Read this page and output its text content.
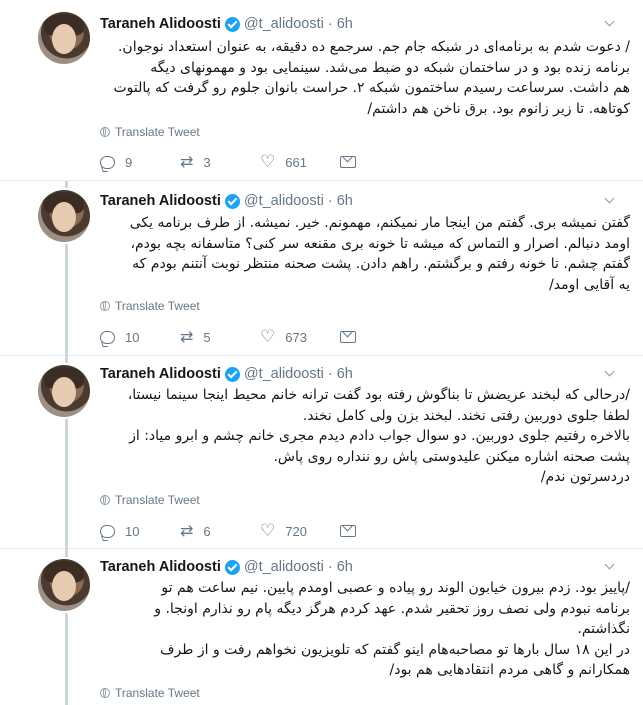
Taraneh Alidoosti @t_alidoosti · 6h

/ دعوت شدم به برنامه‌ای در شبکه جام جم. سرجمع ده دقیقه، به عنوان استعداد نوجوان.

برنامه زنده بود و در ساختمان شبکه دو ضبط می‌شد. سینمایی بود و مهمونهای دیگه

هم داشت. سرساعت رسیدم ساختمون شبکه ۲. حراست بانوان جلوم رو گرفت که پالتوت

کوتاهه. تا زیر زانوم بود. برق ناخن هم داشتم/

Translate Tweet
9	⇄ 3	♡ 661
Taraneh Alidoosti @t_alidoosti · 6h

گفتن نمیشه بری. گفتم من اینجا مار نمیکنم، مهمونم. خیر. نمیشه. از طرف برنامه یکی

اومد دنبالم. اصرار و التماس که میشه تا خونه بری مقنعه سر کنی؟ متاسفانه بچه بودم،

گفتم چشم. تا خونه رفتم و برگشتم. راهم دادن. پشت صحنه منتظر نوبت آنتنم بودم که

یه آقایی اومد/

Translate Tweet
10	⇄ 5	♡ 673
Taraneh Alidoosti @t_alidoosti · 6h

/درحالی که لبخند عریضش تا بناگوش رفته بود گفت ترانه خانم محیط اینجا سینما نیستا،

لطفا جلوی دوربین رفتی نخند. لبخند بزن ولی کامل نخند.

بالاخره رفتیم جلوی دوربین. دو سوال جواب دادم دیدم مجری خانم چشم و ابرو میاد: از

پشت صحنه اشاره میکنن علیدوستی پاش رو ننداره روی پاش.

دردسرتون ندم/

Translate Tweet
10	⇄ 6	♡ 720
Taraneh Alidoosti @t_alidoosti · 6h

/پاییز بود. زدم بیرون خیابون الوند رو پیاده و عصبی اومدم پایین. نیم ساعت هم تو

برنامه نبودم ولی نصف روز تحقیر شدم. عهد کردم هرگز دیگه پام رو نذارم اونجا. و

نگذاشتم.

در این ۱۸ سال بارها تو مصاحبه‌هام اینو گفتم که تلویزیون نخواهم رفت و از طرف

همکارانم و گاهی مردم انتقادهایی هم بود/

Translate Tweet
